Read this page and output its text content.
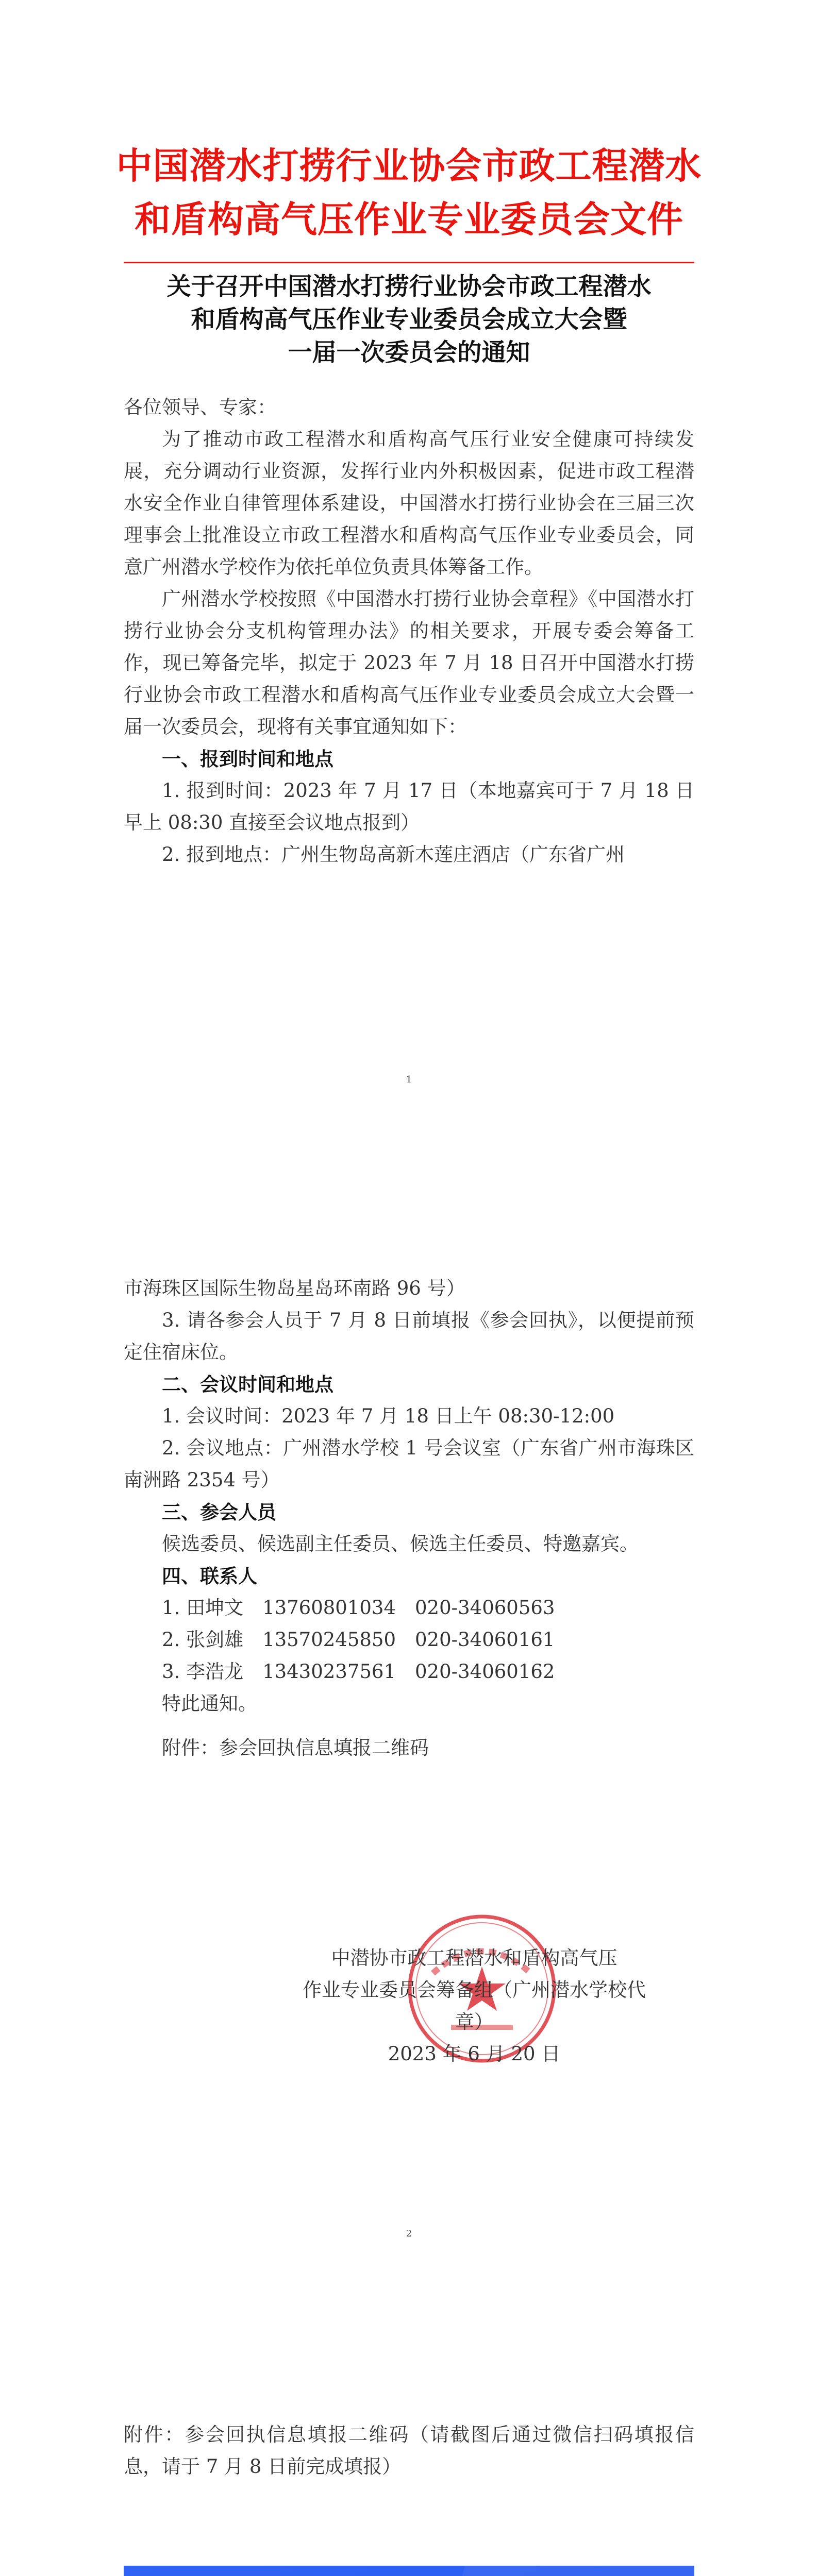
中国潜水打捞行业协会市政工程潜水
和盾构高气压作业专业委员会文件
关于召开中国潜水打捞行业协会市政工程潜水
和盾构高气压作业专业委员会成立大会暨
一届一次委员会的通知

各位领导、专家：

为了推动市政工程潜水和盾构高气压行业安全健康可持续发展，充分调动行业资源，发挥行业内外积极因素，促进市政工程潜水安全作业自律管理体系建设，中国潜水打捞行业协会在三届三次理事会上批准设立市政工程潜水和盾构高气压作业专业委员会，同意广州潜水学校作为依托单位负责具体筹备工作。

广州潜水学校按照《中国潜水打捞行业协会章程》《中国潜水打捞行业协会分支机构管理办法》的相关要求，开展专委会筹备工作，现已筹备完毕，拟定于 2023 年 7 月 18 日召开中国潜水打捞行业协会市政工程潜水和盾构高气压作业专业委员会成立大会暨一届一次委员会，现将有关事宜通知如下：

一、报到时间和地点

1. 报到时间：2023 年 7 月 17 日（本地嘉宾可于 7 月 18 日早上 08:30 直接至会议地点报到）

2. 报到地点：广州生物岛高新木莲庄酒店（广东省广州

1

市海珠区国际生物岛星岛环南路 96 号）

3. 请各参会人员于 7 月 8 日前填报《参会回执》，以便提前预定住宿床位。

二、会议时间和地点

1. 会议时间：2023 年 7 月 18 日上午 08:30-12:00

2. 会议地点：广州潜水学校 1 号会议室（广东省广州市海珠区南洲路 2354 号）

三、参会人员

候选委员、候选副主任委员、候选主任委员、特邀嘉宾。

四、联系人

1. 田坤文　13760801034　020-34060563

2. 张剑雄　13570245850　020-34060161

3. 李浩龙　13430237561　020-34060162

特此通知。

附件：参会回执信息填报二维码

中潜协市政工程潜水和盾构高气压
作业专业委员会筹备组（广州潜水学校代章）
2023 年 6 月 20 日
2
附件：参会回执信息填报二维码（请截图后通过微信扫码填报信息，请于 7 月 8 日前完成填报）
